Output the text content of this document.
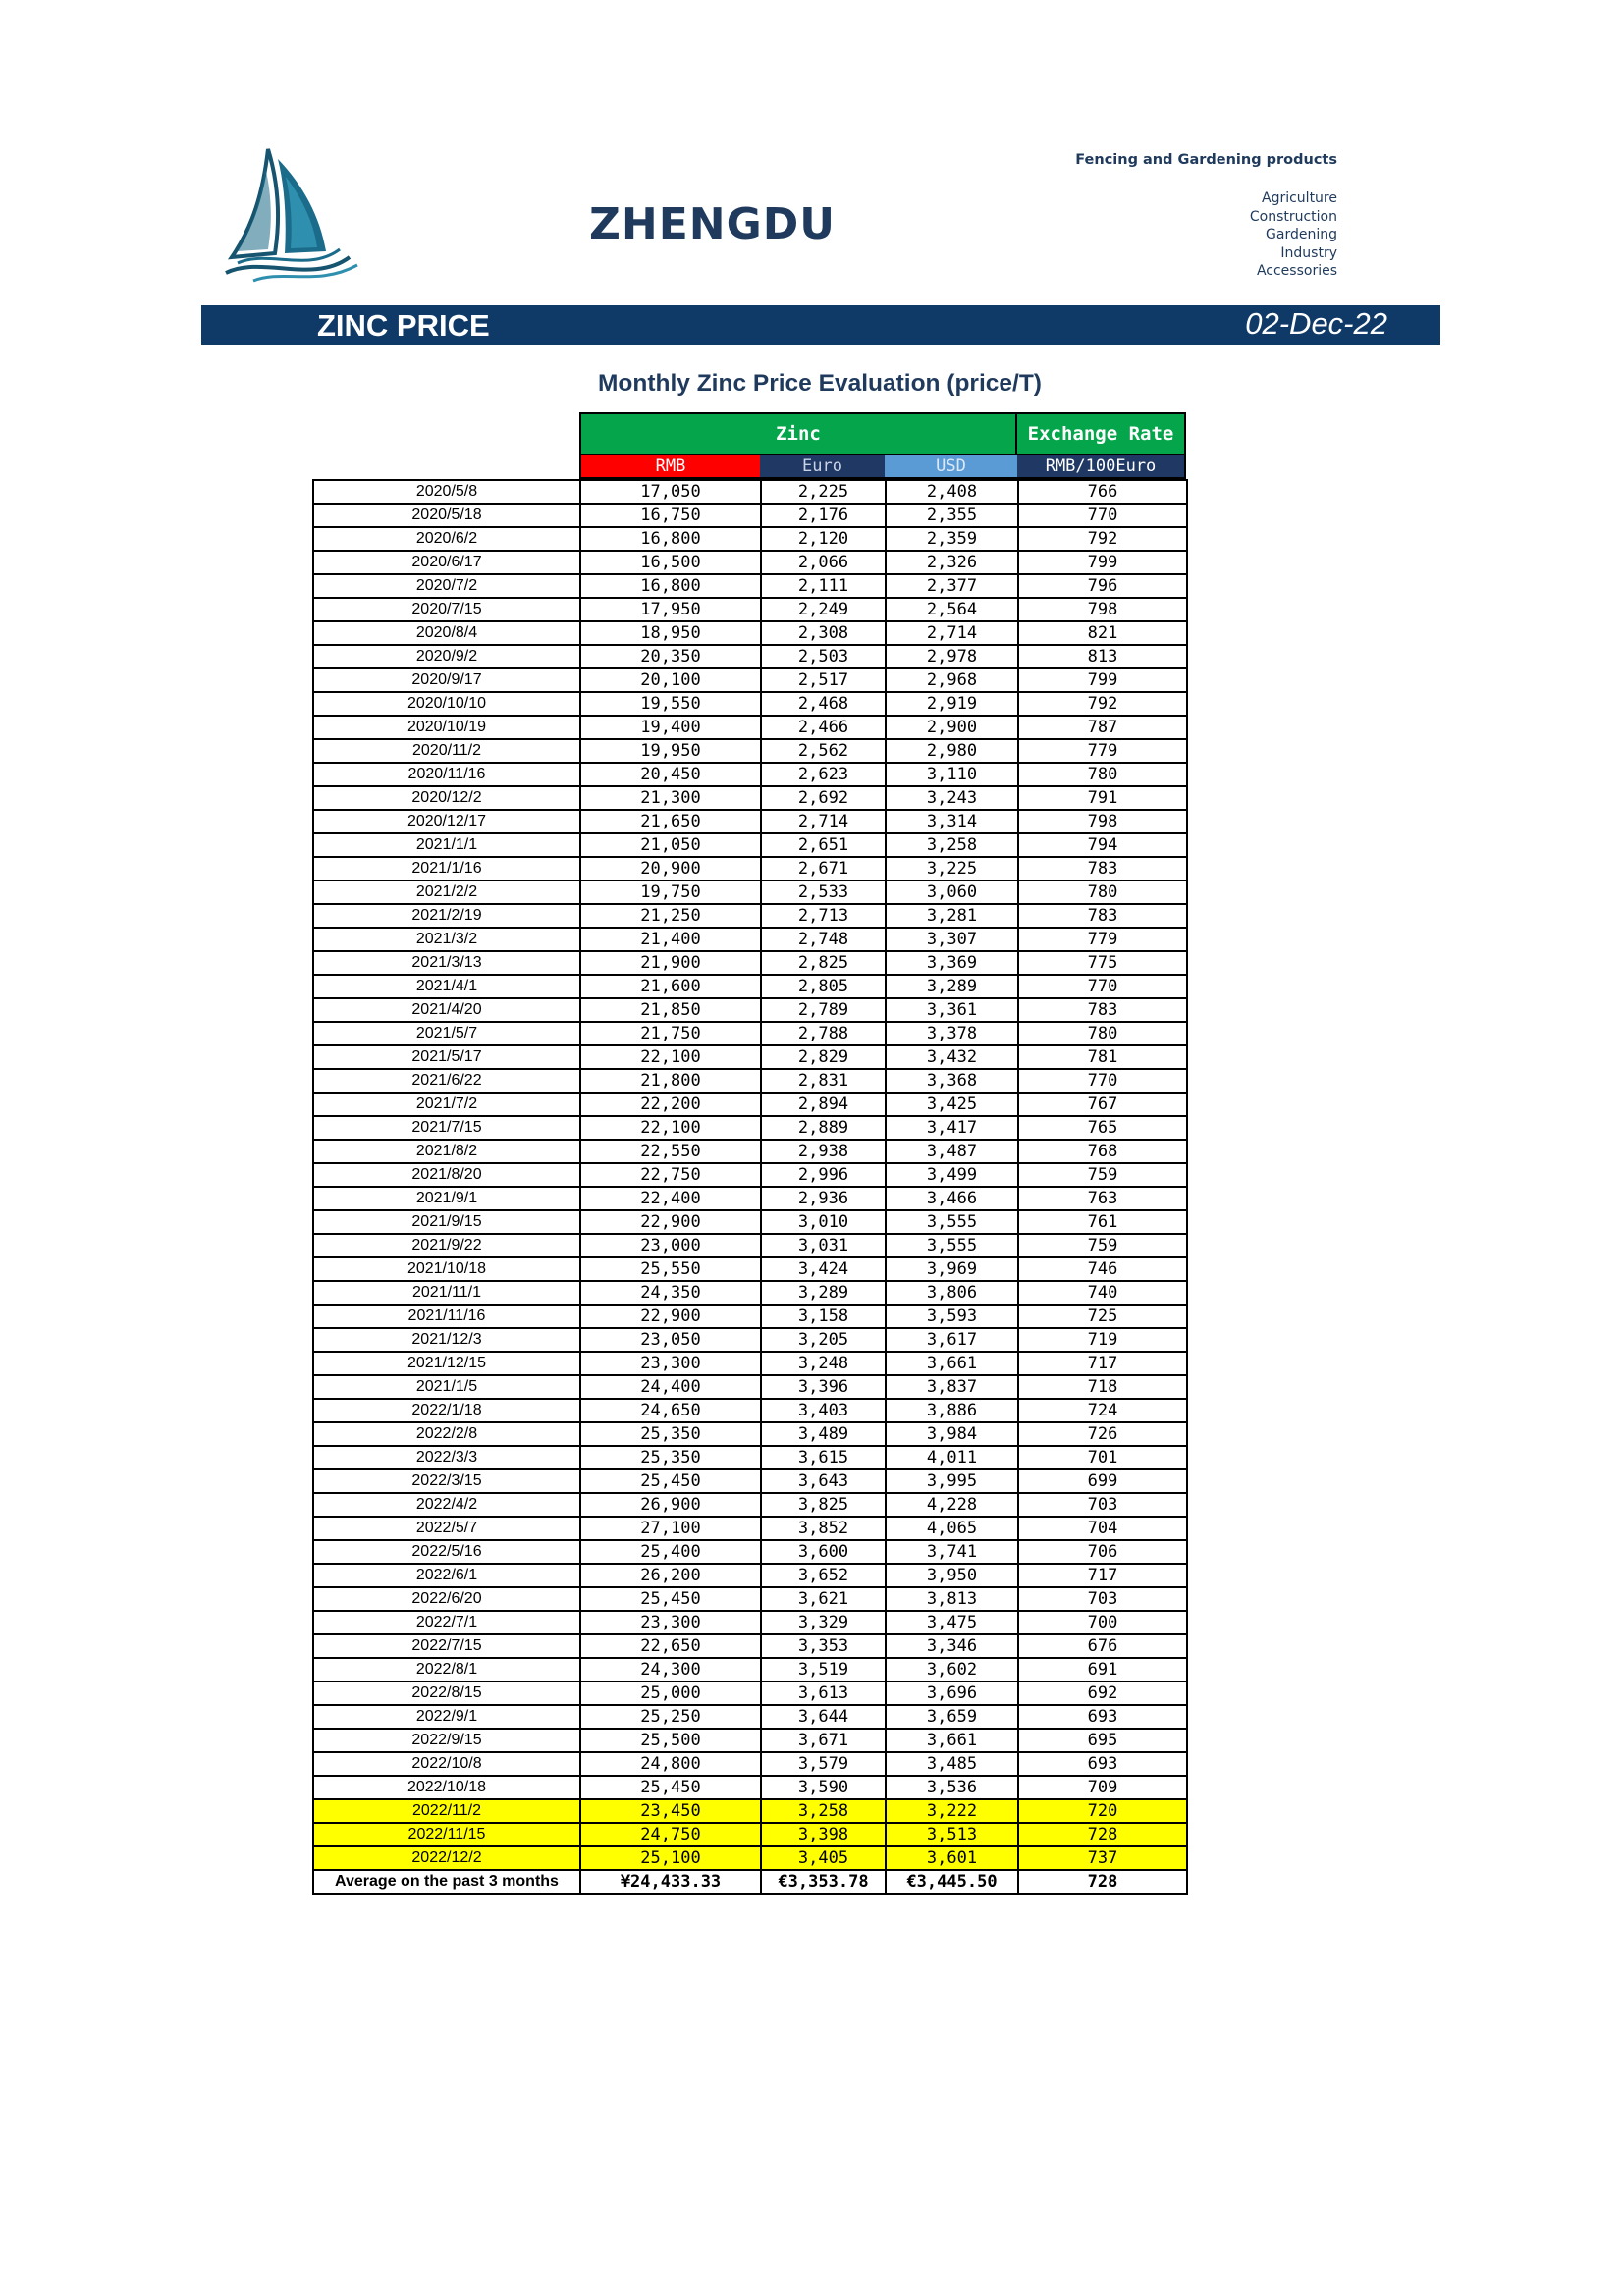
ZHENGDU
Fencing and Gardening products
Agriculture
Construction
Gardening
Industry
Accessories
ZINC PRICE	02-Dec-22
Monthly Zinc Price Evaluation (price/T)
Zinc	Exchange Rate
RMB	Euro	USD	RMB/100Euro
2020/5/8	17,050	2,225	2,408	766
2020/5/18	16,750	2,176	2,355	770
2020/6/2	16,800	2,120	2,359	792
2020/6/17	16,500	2,066	2,326	799
2020/7/2	16,800	2,111	2,377	796
2020/7/15	17,950	2,249	2,564	798
2020/8/4	18,950	2,308	2,714	821
2020/9/2	20,350	2,503	2,978	813
2020/9/17	20,100	2,517	2,968	799
2020/10/10	19,550	2,468	2,919	792
2020/10/19	19,400	2,466	2,900	787
2020/11/2	19,950	2,562	2,980	779
2020/11/16	20,450	2,623	3,110	780
2020/12/2	21,300	2,692	3,243	791
2020/12/17	21,650	2,714	3,314	798
2021/1/1	21,050	2,651	3,258	794
2021/1/16	20,900	2,671	3,225	783
2021/2/2	19,750	2,533	3,060	780
2021/2/19	21,250	2,713	3,281	783
2021/3/2	21,400	2,748	3,307	779
2021/3/13	21,900	2,825	3,369	775
2021/4/1	21,600	2,805	3,289	770
2021/4/20	21,850	2,789	3,361	783
2021/5/7	21,750	2,788	3,378	780
2021/5/17	22,100	2,829	3,432	781
2021/6/22	21,800	2,831	3,368	770
2021/7/2	22,200	2,894	3,425	767
2021/7/15	22,100	2,889	3,417	765
2021/8/2	22,550	2,938	3,487	768
2021/8/20	22,750	2,996	3,499	759
2021/9/1	22,400	2,936	3,466	763
2021/9/15	22,900	3,010	3,555	761
2021/9/22	23,000	3,031	3,555	759
2021/10/18	25,550	3,424	3,969	746
2021/11/1	24,350	3,289	3,806	740
2021/11/16	22,900	3,158	3,593	725
2021/12/3	23,050	3,205	3,617	719
2021/12/15	23,300	3,248	3,661	717
2021/1/5	24,400	3,396	3,837	718
2022/1/18	24,650	3,403	3,886	724
2022/2/8	25,350	3,489	3,984	726
2022/3/3	25,350	3,615	4,011	701
2022/3/15	25,450	3,643	3,995	699
2022/4/2	26,900	3,825	4,228	703
2022/5/7	27,100	3,852	4,065	704
2022/5/16	25,400	3,600	3,741	706
2022/6/1	26,200	3,652	3,950	717
2022/6/20	25,450	3,621	3,813	703
2022/7/1	23,300	3,329	3,475	700
2022/7/15	22,650	3,353	3,346	676
2022/8/1	24,300	3,519	3,602	691
2022/8/15	25,000	3,613	3,696	692
2022/9/1	25,250	3,644	3,659	693
2022/9/15	25,500	3,671	3,661	695
2022/10/8	24,800	3,579	3,485	693
2022/10/18	25,450	3,590	3,536	709
2022/11/2	23,450	3,258	3,222	720
2022/11/15	24,750	3,398	3,513	728
2022/12/2	25,100	3,405	3,601	737
Average on the past 3 months	¥24,433.33	€3,353.78	€3,445.50	728
